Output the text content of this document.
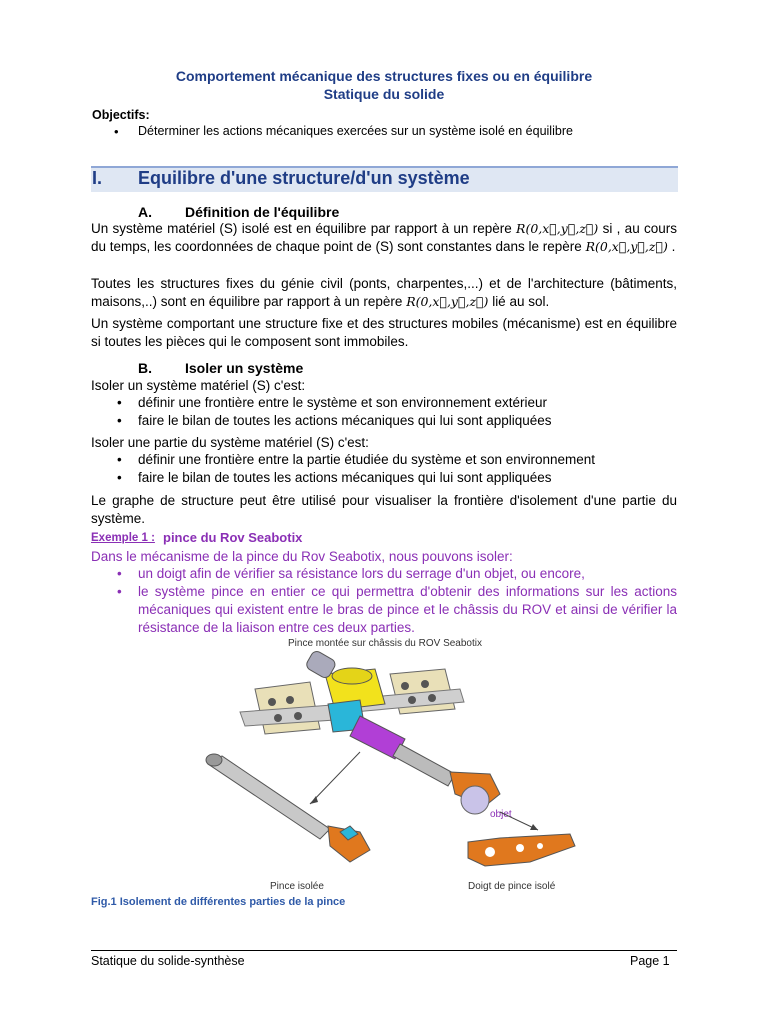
Comportement mécanique des structures fixes ou en équilibre
Statique du solide
Objectifs:
• Déterminer les actions mécaniques exercées sur un système isolé en équilibre
I. Equilibre d'une structure/d'un système
A. Définition de l'équilibre
Un système matériel (S) isolé est en équilibre par rapport à un repère R(0,x⃗,y⃗,z⃗) si , au cours du temps, les coordonnées de chaque point de (S) sont constantes dans le repère R(0,x⃗,y⃗,z⃗) .
Toutes les structures fixes du génie civil (ponts, charpentes,...) et de l'architecture (bâtiments, maisons,..) sont en équilibre par rapport à un repère R(0,x⃗,y⃗,z⃗) lié au sol.
Un système comportant une structure fixe et des structures mobiles (mécanisme) est en équilibre si toutes les pièces qui le composent sont immobiles.
B. Isoler un système
Isoler un système matériel (S) c'est:
• définir une frontière entre le système et son environnement extérieur
• faire le bilan de toutes les actions mécaniques qui lui sont appliquées
Isoler une partie du système matériel (S) c'est:
• définir une frontière entre la partie étudiée du système et son environnement
• faire le bilan de toutes les actions mécaniques qui lui sont appliquées
Le graphe de structure peut être utilisé pour visualiser la frontière d'isolement d'une partie du système.
Exemple 1 : pince du Rov Seabotix
Dans le mécanisme de la pince du Rov Seabotix, nous pouvons isoler:
• un doigt afin de vérifier sa résistance lors du serrage d'un objet, ou encore,
• le système pince en entier ce qui permettra d'obtenir des informations sur les actions mécaniques qui existent entre le bras de pince et le châssis du ROV et ainsi de vérifier la résistance de la liaison entre ces deux parties.
Pince montée sur châssis du ROV Seabotix
objet
Pince isolée	Doigt de pince isolé
Fig.1 Isolement de différentes parties de la pince
Statique du solide-synthèse	Page 1
